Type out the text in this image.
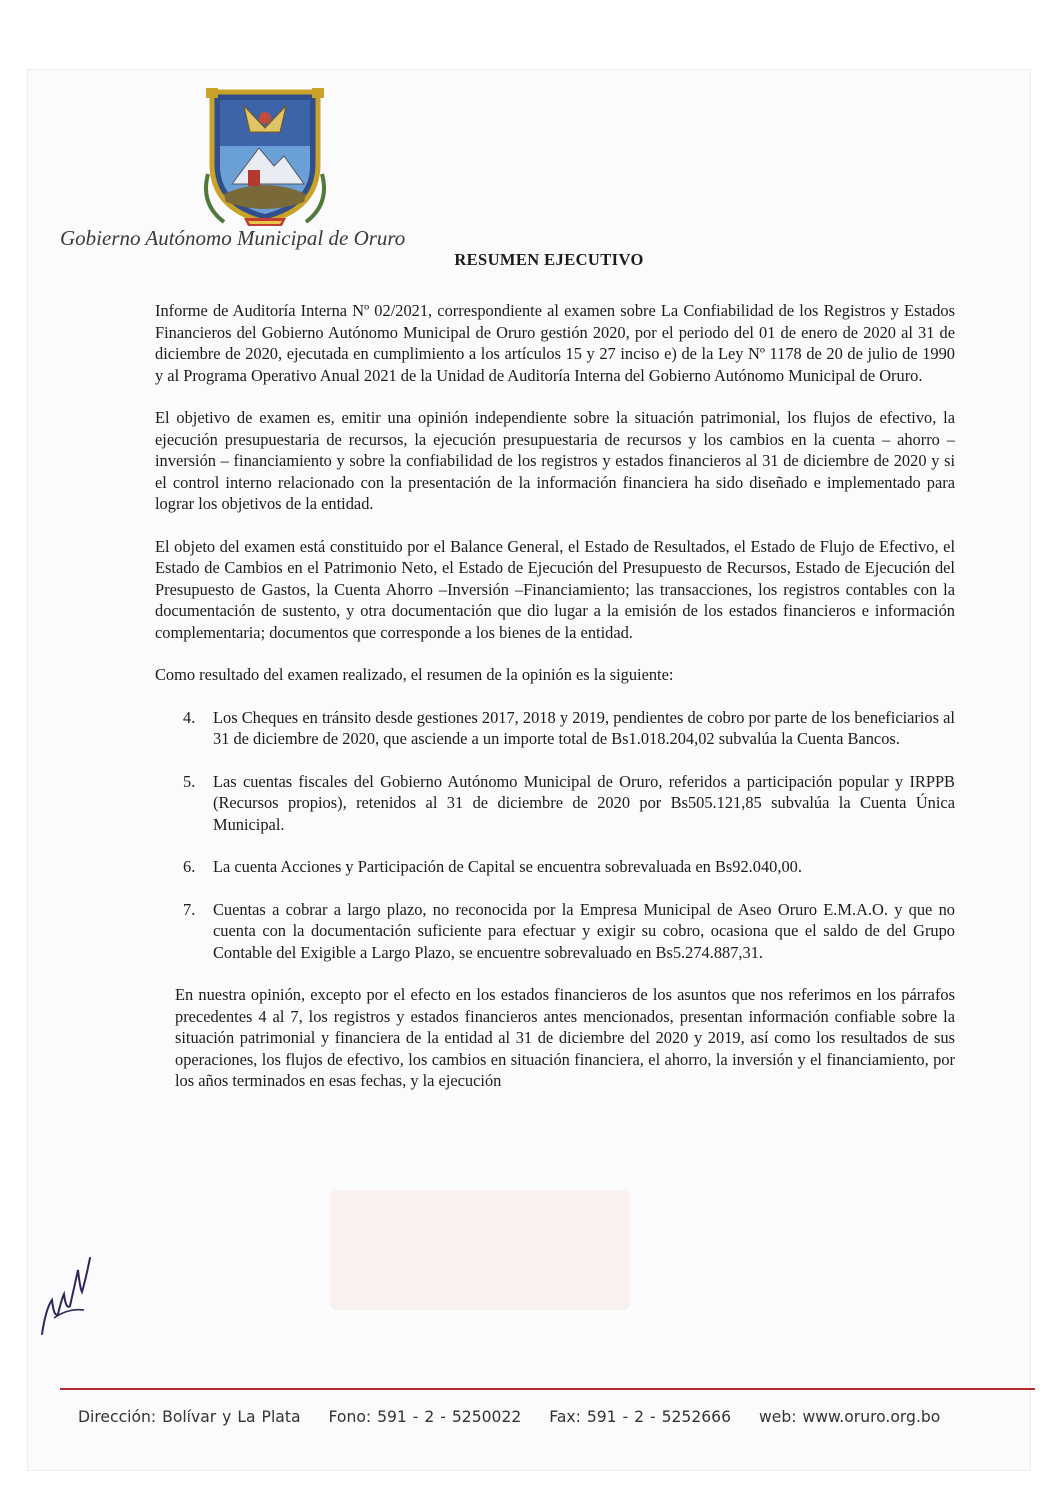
Gobierno Autónomo Municipal de Oruro
RESUMEN EJECUTIVO

Informe de Auditoría Interna Nº 02/2021, correspondiente al examen sobre La Confiabilidad de los Registros y Estados Financieros del Gobierno Autónomo Municipal de Oruro gestión 2020, por el periodo del 01 de enero de 2020 al 31 de diciembre de 2020, ejecutada en cumplimiento a los artículos 15 y 27 inciso e) de la Ley Nº 1178 de 20 de julio de 1990 y al Programa Operativo Anual 2021 de la Unidad de Auditoría Interna del Gobierno Autónomo Municipal de Oruro.

El objetivo de examen es, emitir una opinión independiente sobre la situación patrimonial, los flujos de efectivo, la ejecución presupuestaria de recursos, la ejecución presupuestaria de recursos y los cambios en la cuenta – ahorro – inversión – financiamiento y sobre la confiabilidad de los registros y estados financieros al 31 de diciembre de 2020 y si el control interno relacionado con la presentación de la información financiera ha sido diseñado e implementado para lograr los objetivos de la entidad.

El objeto del examen está constituido por el Balance General, el Estado de Resultados, el Estado de Flujo de Efectivo, el Estado de Cambios en el Patrimonio Neto, el Estado de Ejecución del Presupuesto de Recursos, Estado de Ejecución del Presupuesto de Gastos, la Cuenta Ahorro –Inversión –Financiamiento; las transacciones, los registros contables con la documentación de sustento, y otra documentación que dio lugar a la emisión de los estados financieros e información complementaria; documentos que corresponde a los bienes de la entidad.

Como resultado del examen realizado, el resumen de la opinión es la siguiente:

4. Los Cheques en tránsito desde gestiones 2017, 2018 y 2019, pendientes de cobro por parte de los beneficiarios al 31 de diciembre de 2020, que asciende a un importe total de Bs1.018.204,02 subvalúa la Cuenta Bancos.
5. Las cuentas fiscales del Gobierno Autónomo Municipal de Oruro, referidos a participación popular y IRPPB (Recursos propios), retenidos al 31 de diciembre de 2020 por Bs505.121,85 subvalúa la Cuenta Única Municipal.
6. La cuenta Acciones y Participación de Capital se encuentra sobrevaluada en Bs92.040,00.
7. Cuentas a cobrar a largo plazo, no reconocida por la Empresa Municipal de Aseo Oruro E.M.A.O. y que no cuenta con la documentación suficiente para efectuar y exigir su cobro, ocasiona que el saldo de del Grupo Contable del Exigible a Largo Plazo, se encuentre sobrevaluado en Bs5.274.887,31.

En nuestra opinión, excepto por el efecto en los estados financieros de los asuntos que nos referimos en los párrafos precedentes 4 al 7, los registros y estados financieros antes mencionados, presentan información confiable sobre la situación patrimonial y financiera de la entidad al 31 de diciembre del 2020 y 2019, así como los resultados de sus operaciones, los flujos de efectivo, los cambios en situación financiera, el ahorro, la inversión y el financiamiento, por los años terminados en esas fechas, y la ejecución

Dirección: Bolívar y La Plata Fono: 591 - 2 - 5250022 Fax: 591 - 2 - 5252666 web: www.oruro.org.bo
